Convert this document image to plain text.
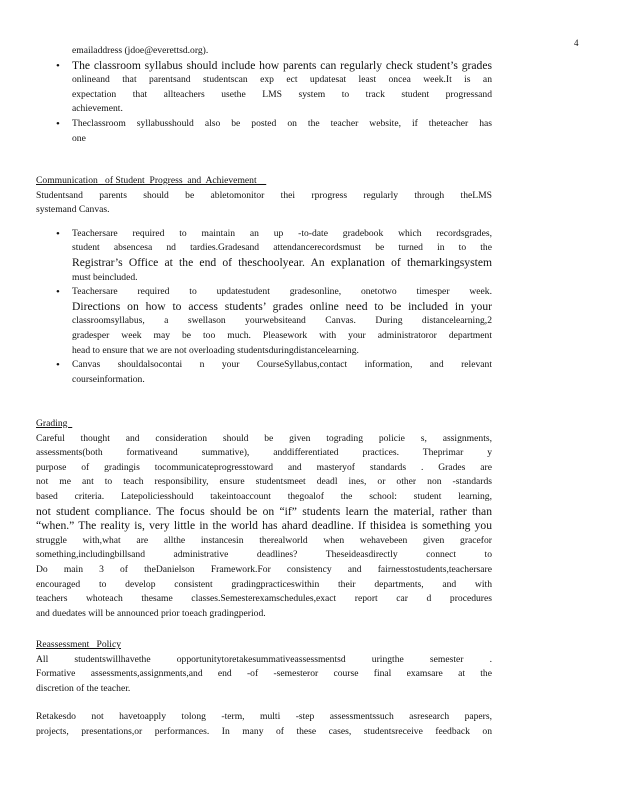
4
emailaddress (jdoe@everettsd.org).
• The classroom syllabus should include how parents can regularly check student’s grades
onlineand that parentsand studentscan exp ect updatesat least oncea week.It is an
expectation that allteachers usethe LMS system to track student progressand
achievement.
• Theclassroom syllabusshould also be posted on the teacher website, if theteacher has
one
Communication   of Student  Progress  and  Achievement
Studentsand parents should be abletomonitor thei rprogress regularly through theLMS
systemand Canvas.
• Teachersare required to maintain an up -to-date gradebook which recordsgrades,
student absencesa nd tardies.Gradesand attendancerecordsmust be turned in to the
Registrar’s Office at the end of theschoolyear. An explanation of themarkingsystem
must beincluded.
• Teachersare required to updatestudent gradesonline, onetotwo timesper week.
Directions on how to access students’ grades online need to be included in your
classroomsyllabus, a swellason yourwebsiteand Canvas. During distancelearning,2
gradesper week may be too much. Pleasework with your administratoror department
head to ensure that we are not overloading studentsduringdistancelearning.
• Canvas shouldalsocontai n your CourseSyllabus,contact information, and relevant
courseinformation.
Grading
Careful thought and consideration should be given tograding policie s, assignments,
assessments(both formativeand summative), anddifferentiated practices. Theprimar y
purpose of gradingis tocommunicateprogresstoward and masteryof standards . Grades are
not me ant to teach responsibility, ensure studentsmeet deadl ines, or other non -standards
based criteria. Latepoliciesshould takeintoaccount thegoalof the school: student learning,
not student compliance. The focus should be on “if” students learn the material, rather than
“when.” The reality is, very little in the world has ahard deadline. If thisidea is something you
struggle with,what are allthe instancesin therealworld when wehavebeen given gracefor
something,includingbillsand administrative deadlines? Theseideasdirectly connect to
Do main 3 of theDanielson Framework.For consistency and fairnesstostudents,teachersare
encouraged to develop consistent gradingpracticeswithin their departments, and with
teachers whoteach thesame classes.Semesterexamschedules,exact report car d procedures
and duedates will be announced prior toeach gradingperiod.
Reassessment   Policy
All studentswillhavethe opportunitytoretakesummativeassessmentsd uringthe semester .
Formative assessments,assignments,and end -of -semesteror course final examsare at the
discretion of the teacher.
Retakesdo not havetoapply tolong -term, multi -step assessmentssuch asresearch papers,
projects, presentations,or performances. In many of these cases, studentsreceive feedback on
